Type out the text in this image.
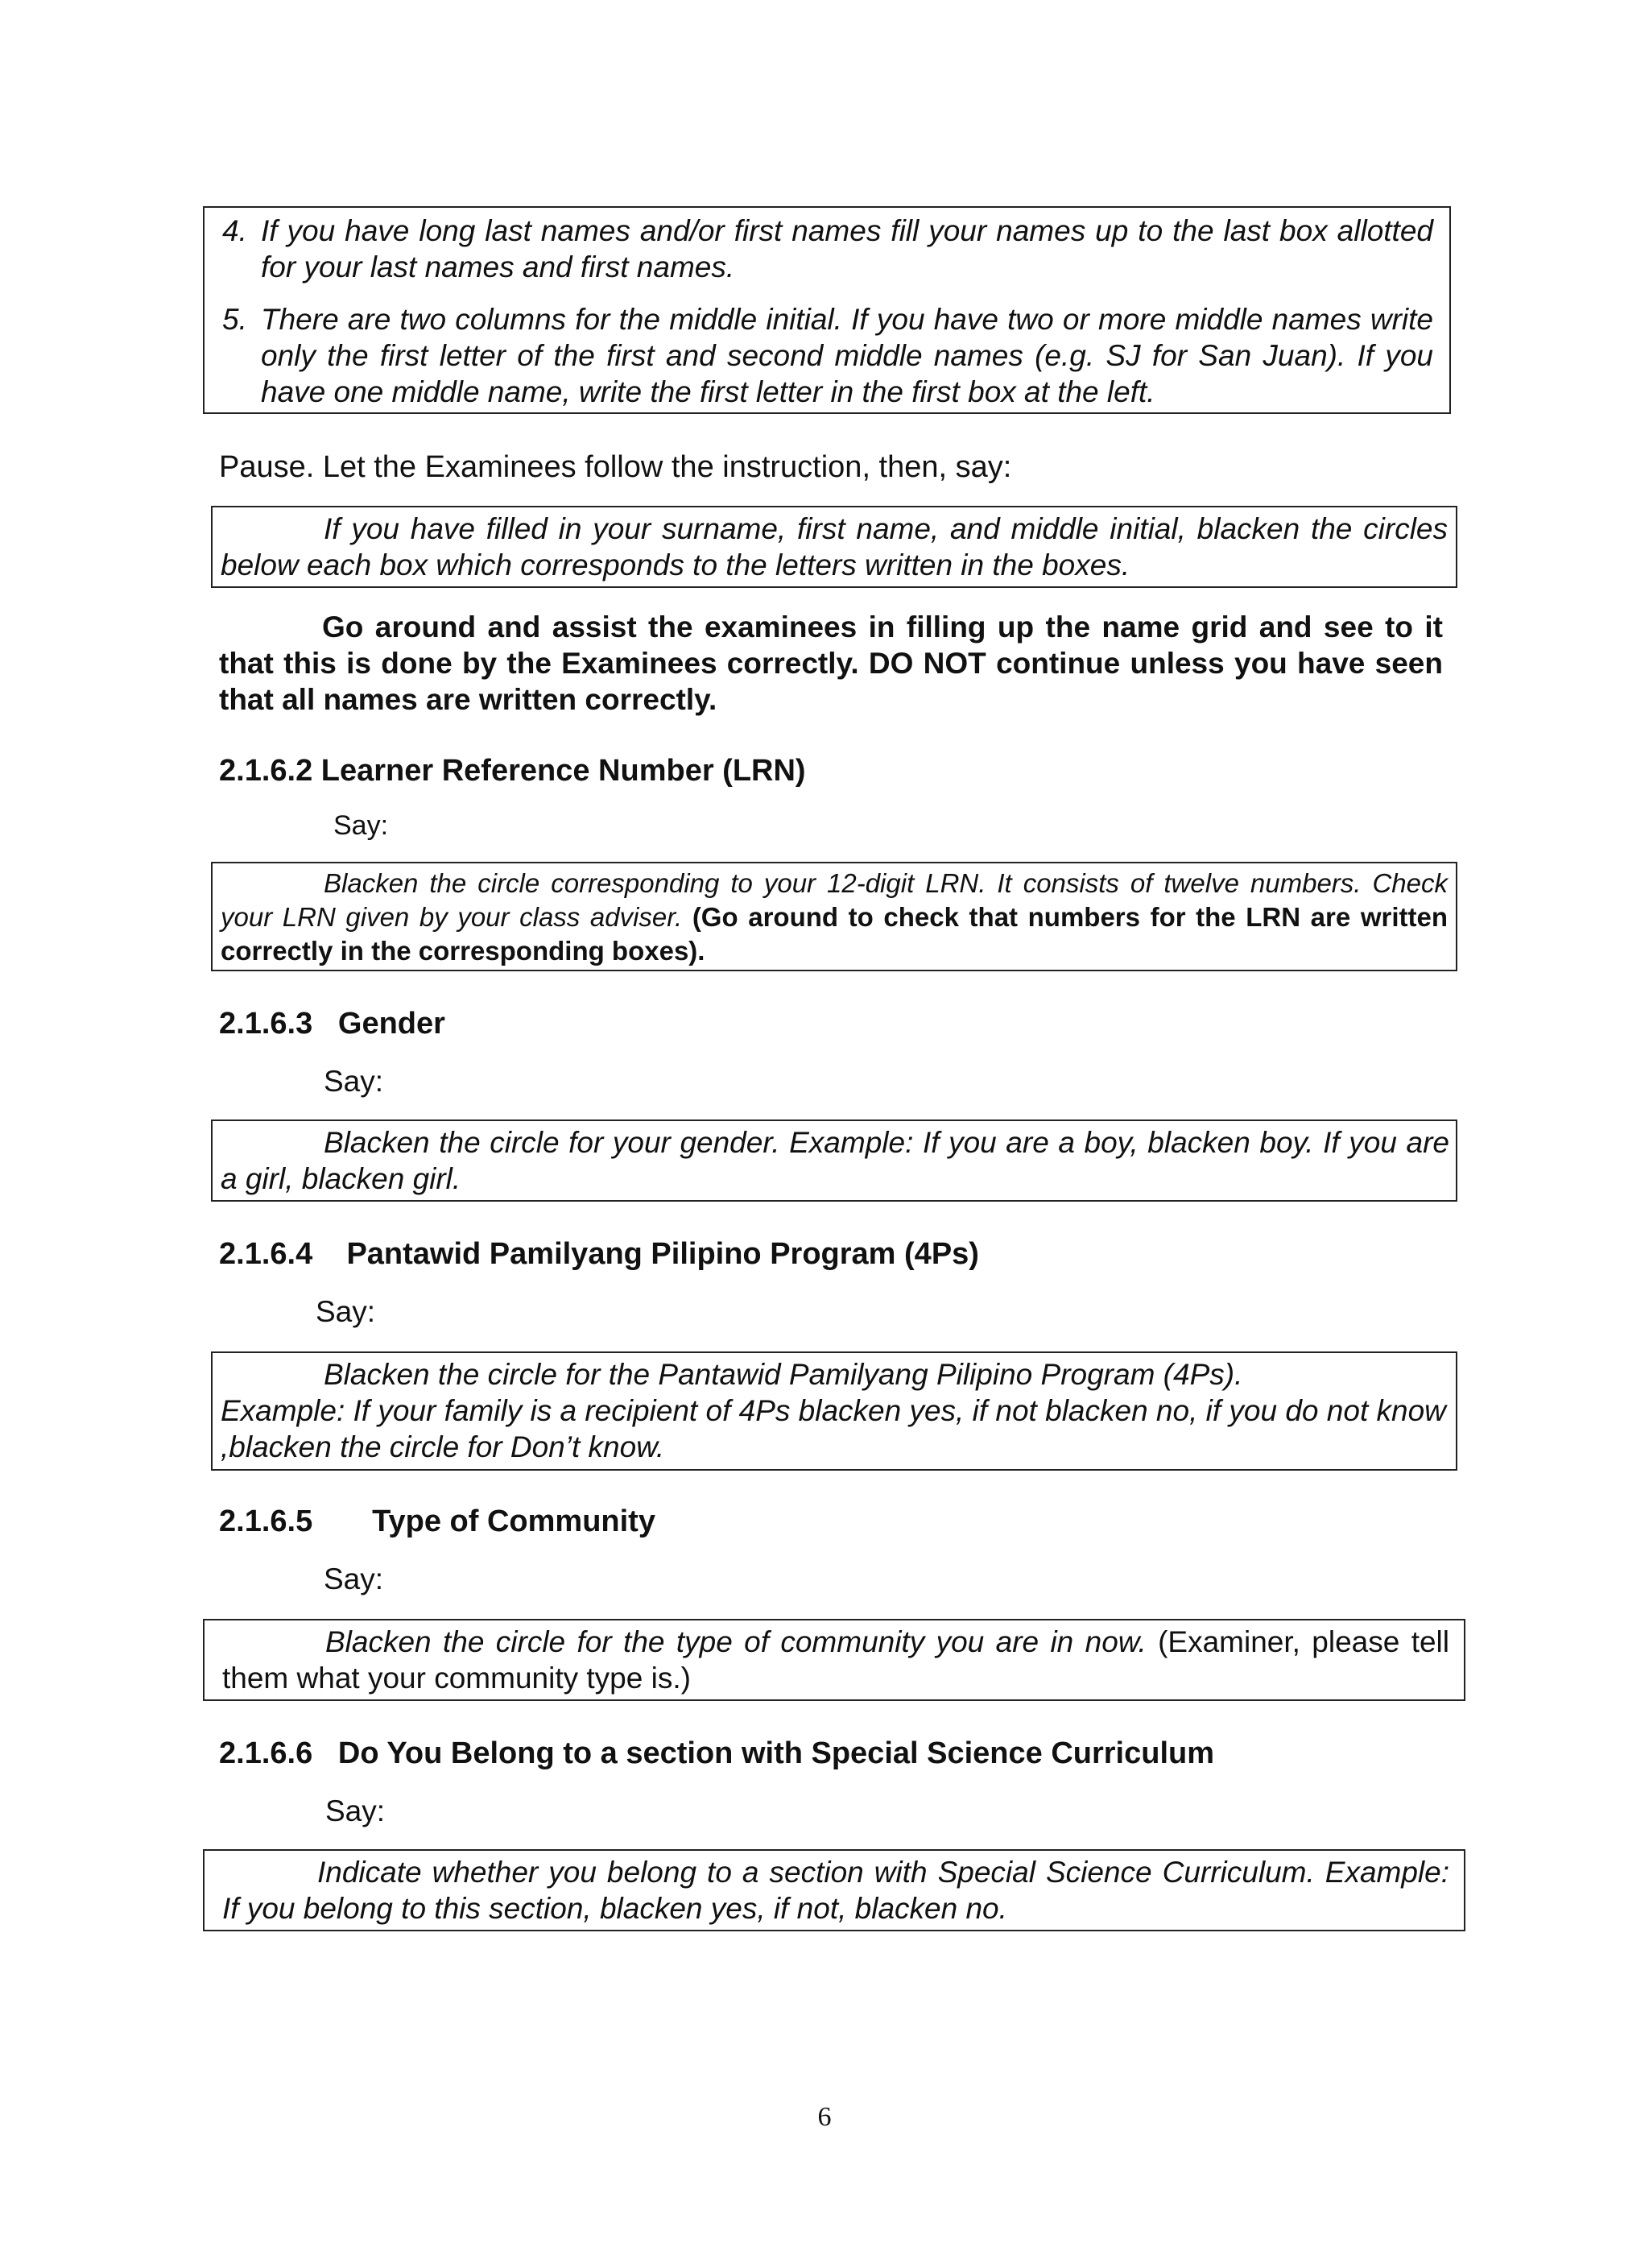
4. If you have long last names and/or first names fill your names up to the last box allotted for your last names and first names.
5. There are two columns for the middle initial. If you have two or more middle names write only the first letter of the first and second middle names (e.g. SJ for San Juan). If you have one middle name, write the first letter in the first box at the left.
Pause. Let the Examinees follow the instruction, then, say:
If you have filled in your surname, first name, and middle initial, blacken the circles below each box which corresponds to the letters written in the boxes.
Go around and assist the examinees in filling up the name grid and see to it that this is done by the Examinees correctly. DO NOT continue unless you have seen that all names are written correctly.
2.1.6.2 Learner Reference Number (LRN)
Say:
Blacken the circle corresponding to your 12-digit LRN. It consists of twelve numbers. Check your LRN given by your class adviser. (Go around to check that numbers for the LRN are written correctly in the corresponding boxes).
2.1.6.3   Gender
Say:
Blacken the circle for your gender. Example: If you are a boy, blacken boy. If you are a girl, blacken girl.
2.1.6.4    Pantawid Pamilyang Pilipino Program (4Ps)
Say:
Blacken the circle for the Pantawid Pamilyang Pilipino Program (4Ps).
Example: If your family is a recipient of 4Ps blacken yes, if not blacken no, if you do not know ,blacken the circle for Don’t know.
2.1.6.5       Type of Community
Say:
Blacken the circle for the type of community you are in now. (Examiner, please tell them what your community type is.)
2.1.6.6   Do You Belong to a section with Special Science Curriculum
Say:
Indicate whether you belong to a section with Special Science Curriculum. Example: If you belong to this section, blacken yes, if not, blacken no.
6
